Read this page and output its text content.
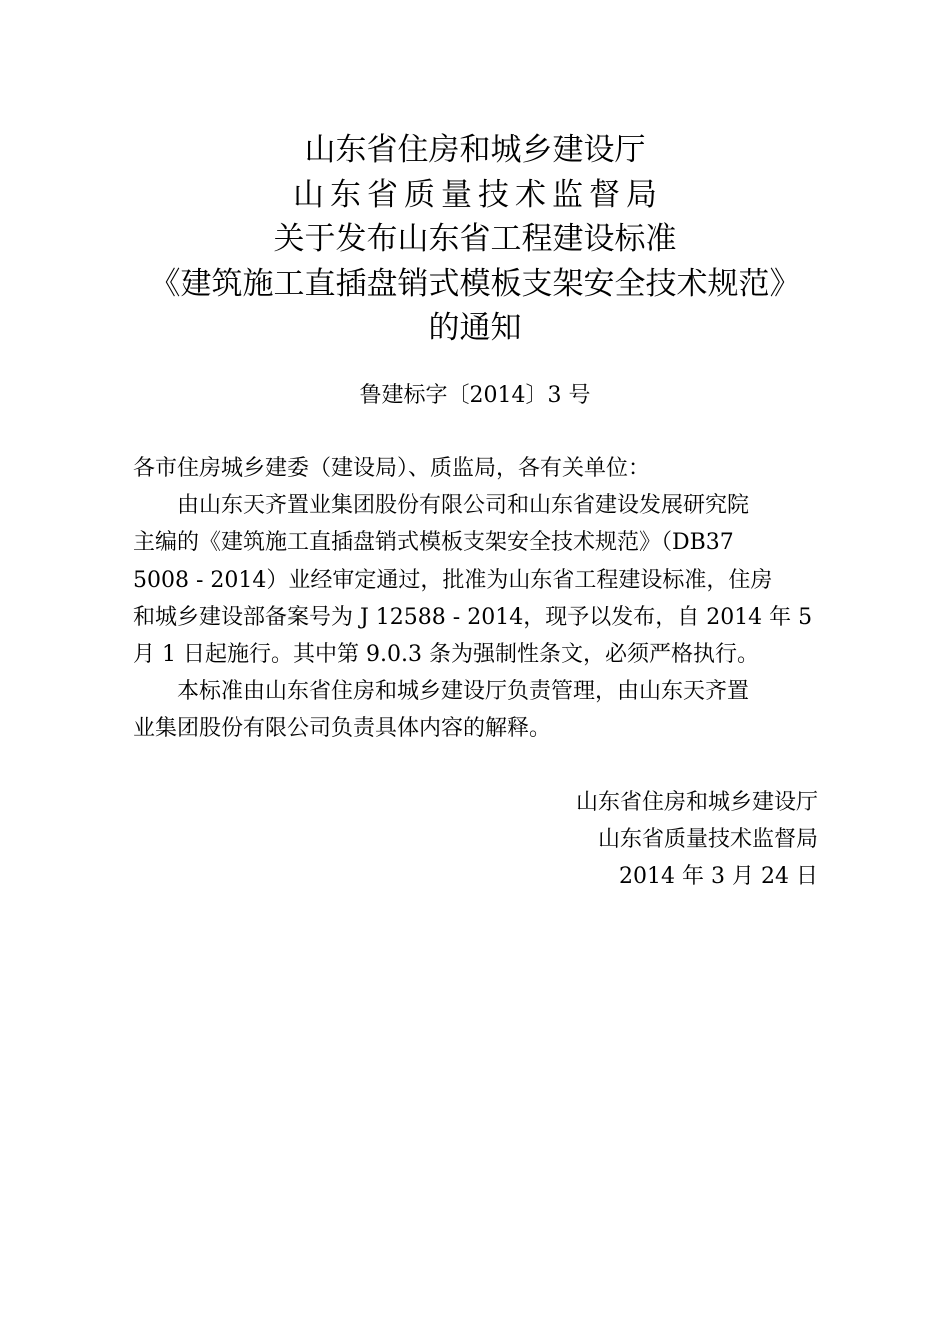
山东省住房和城乡建设厅
山东省质量技术监督局
关于发布山东省工程建设标准
《建筑施工直插盘销式模板支架安全技术规范》
的通知
鲁建标字〔2014〕3 号

各市住房城乡建委（建设局）、质监局，各有关单位：

由山东天齐置业集团股份有限公司和山东省建设发展研究院
主编的《建筑施工直插盘销式模板支架安全技术规范》（DB37
5008 - 2014）业经审定通过，批准为山东省工程建设标准，住房
和城乡建设部备案号为 J 12588 - 2014，现予以发布，自 2014 年 5
月 1 日起施行。其中第 9.0.3 条为强制性条文，必须严格执行。

本标准由山东省住房和城乡建设厅负责管理，由山东天齐置
业集团股份有限公司负责具体内容的解释。

山东省住房和城乡建设厅
山东省质量技术监督局
2014 年 3 月 24 日
